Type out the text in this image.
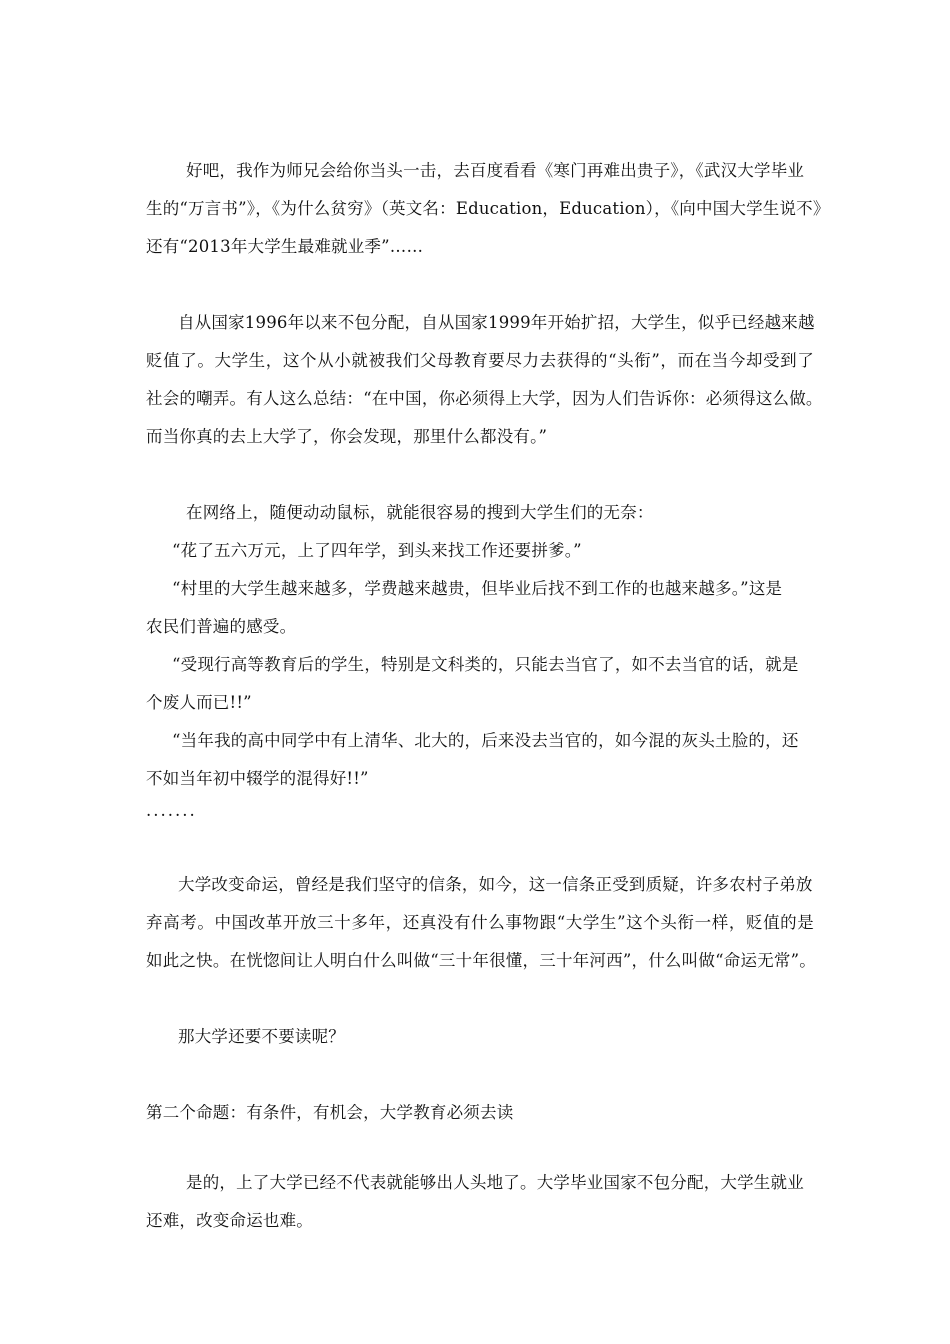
好吧，我作为师兄会给你当头一击，去百度看看《寒门再难出贵子》，《武汉大学毕业
生的“万言书”》，《为什么贫穷》（英文名：Education，Education），《向中国大学生说不》
还有“2013年大学生最难就业季”……
自从国家1996年以来不包分配，自从国家1999年开始扩招，大学生，似乎已经越来越
贬值了。大学生，这个从小就被我们父母教育要尽力去获得的“头衔”，而在当今却受到了
社会的嘲弄。有人这么总结：“在中国，你必须得上大学，因为人们告诉你：必须得这么做。
而当你真的去上大学了，你会发现，那里什么都没有。”
在网络上，随便动动鼠标，就能很容易的搜到大学生们的无奈：
“花了五六万元，上了四年学，到头来找工作还要拼爹。”
“村里的大学生越来越多，学费越来越贵，但毕业后找不到工作的也越来越多。”这是
农民们普遍的感受。
“受现行高等教育后的学生，特别是文科类的，只能去当官了，如不去当官的话，就是
个废人而已!!”
“当年我的高中同学中有上清华、北大的，后来没去当官的，如今混的灰头土脸的，还
不如当年初中辍学的混得好!!”
.......
大学改变命运，曾经是我们坚守的信条，如今，这一信条正受到质疑，许多农村子弟放
弃高考。中国改革开放三十多年，还真没有什么事物跟“大学生”这个头衔一样，贬值的是
如此之快。在恍惚间让人明白什么叫做“三十年很懂，三十年河西”，什么叫做“命运无常”。
那大学还要不要读呢？
第二个命题：有条件，有机会，大学教育必须去读
是的，上了大学已经不代表就能够出人头地了。大学毕业国家不包分配，大学生就业
还难，改变命运也难。
